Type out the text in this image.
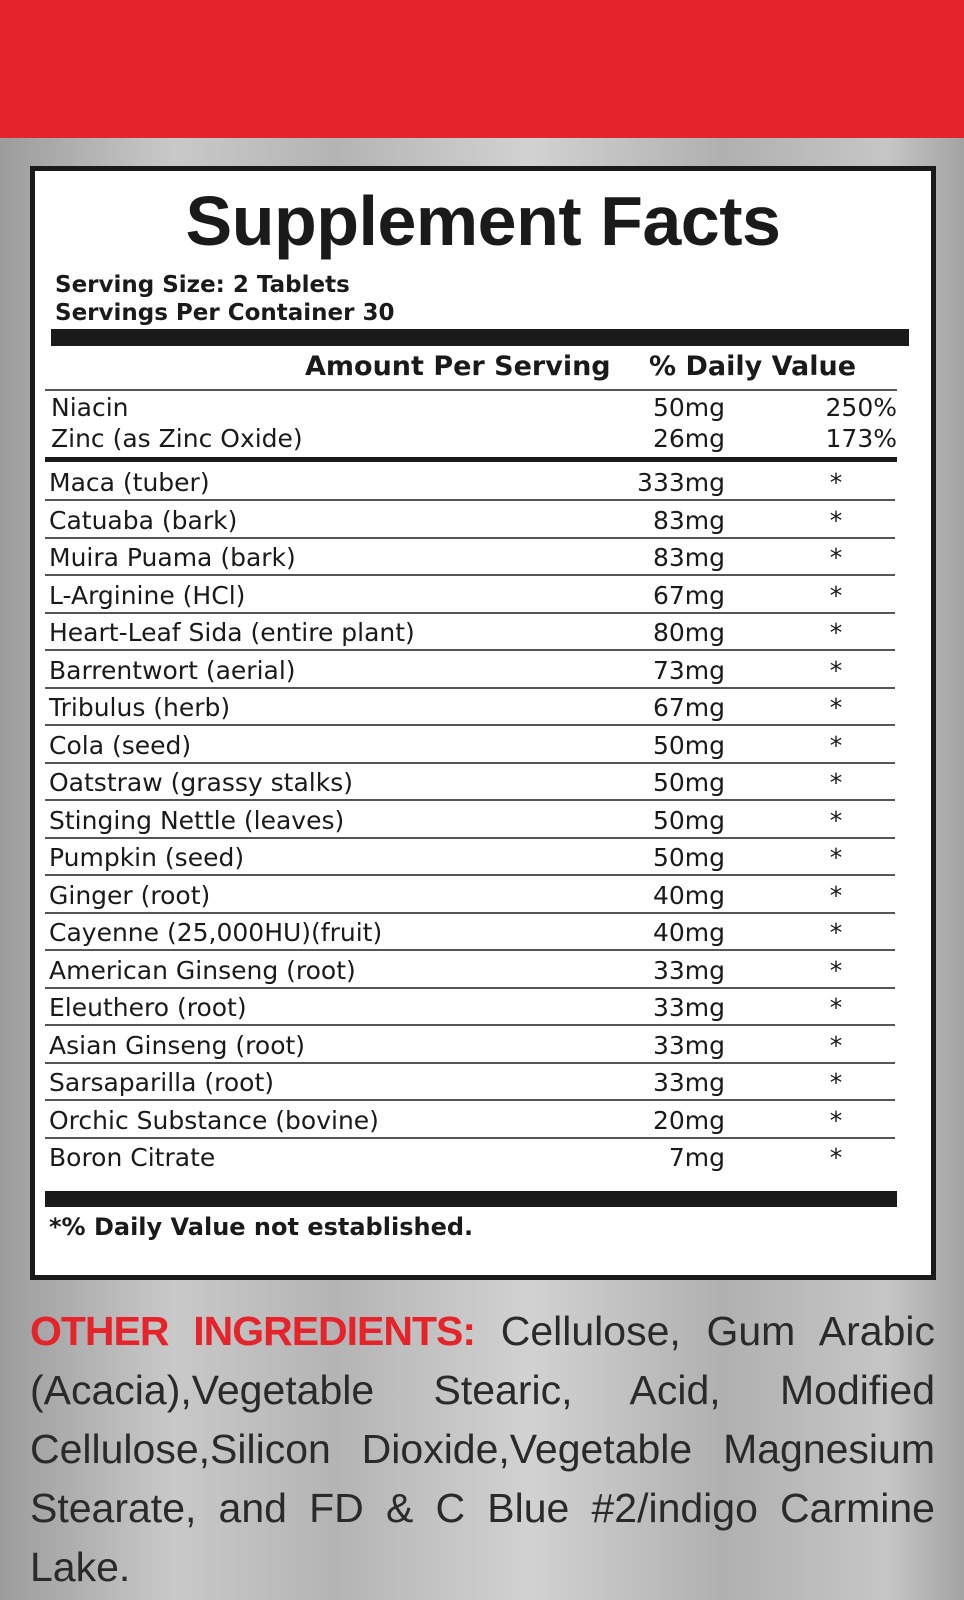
Supplement Facts
Serving Size: 2 Tablets
Servings Per Container 30
Amount Per Serving % Daily Value
Niacin	50mg	250%
Zinc (as Zinc Oxide)	26mg	173%
Maca (tuber)	333mg	*
Catuaba (bark)	83mg	*
Muira Puama (bark)	83mg	*
L-Arginine (HCl)	67mg	*
Heart-Leaf Sida (entire plant)	80mg	*
Barrentwort (aerial)	73mg	*
Tribulus (herb)	67mg	*
Cola (seed)	50mg	*
Oatstraw (grassy stalks)	50mg	*
Stinging Nettle (leaves)	50mg	*
Pumpkin (seed)	50mg	*
Ginger (root)	40mg	*
Cayenne (25,000HU)(fruit)	40mg	*
American Ginseng (root)	33mg	*
Eleuthero (root)	33mg	*
Asian Ginseng (root)	33mg	*
Sarsaparilla (root)	33mg	*
Orchic Substance (bovine)	20mg	*
Boron Citrate	7mg	*
*% Daily Value not established.
OTHER INGREDIENTS: Cellulose, Gum Arabic (Acacia),Vegetable Stearic, Acid, Modified Cellulose,Silicon Dioxide,Vegetable Magnesium Stearate, and FD & C Blue #2/indigo Carmine Lake.
